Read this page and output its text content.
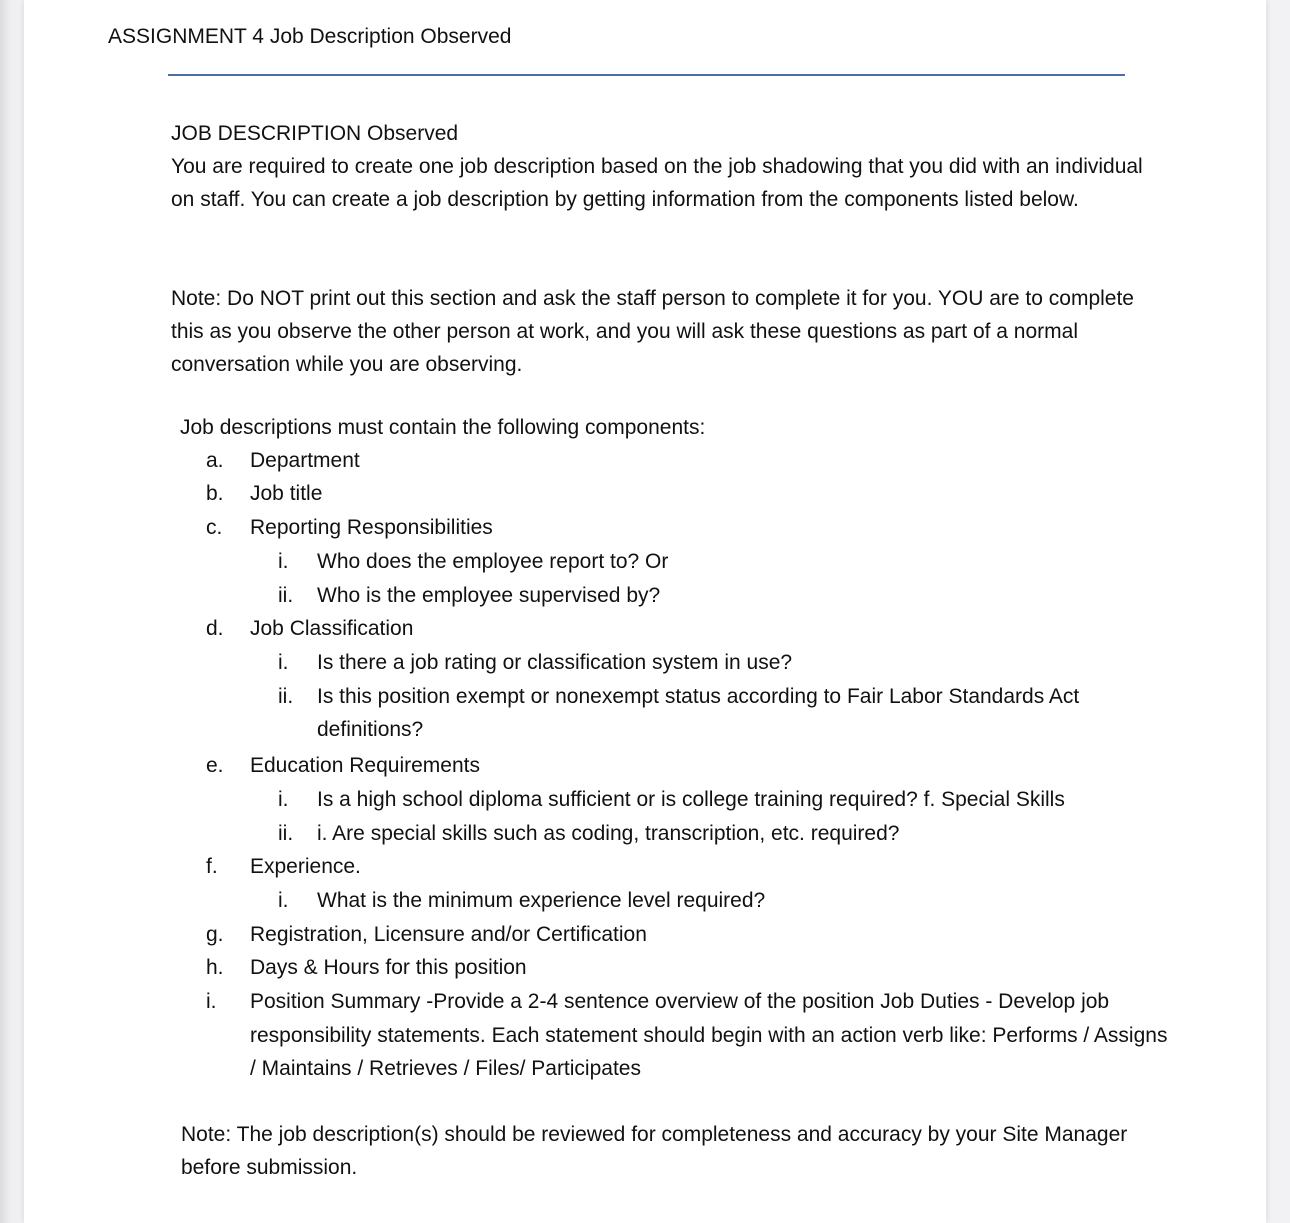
ASSIGNMENT 4 Job Description Observed

JOB DESCRIPTION Observed

You are required to create one job description based on the job shadowing that you did with an individual on staff. You can create a job description by getting information from the components listed below.

Note: Do NOT print out this section and ask the staff person to complete it for you. YOU are to complete this as you observe the other person at work, and you will ask these questions as part of a normal conversation while you are observing.

Job descriptions must contain the following components:

a. Department
b. Job title
c. Reporting Responsibilities
i. Who does the employee report to? Or
ii. Who is the employee supervised by?
d. Job Classification
i. Is there a job rating or classification system in use?
ii. Is this position exempt or nonexempt status according to Fair Labor Standards Act definitions?
e. Education Requirements
i. Is a high school diploma sufficient or is college training required? f. Special Skills
ii. i. Are special skills such as coding, transcription, etc. required?
f. Experience.
i. What is the minimum experience level required?
g. Registration, Licensure and/or Certification
h. Days & Hours for this position
i. Position Summary -Provide a 2-4 sentence overview of the position Job Duties - Develop job responsibility statements. Each statement should begin with an action verb like: Performs / Assigns / Maintains / Retrieves / Files/ Participates

Note: The job description(s) should be reviewed for completeness and accuracy by your Site Manager before submission.
